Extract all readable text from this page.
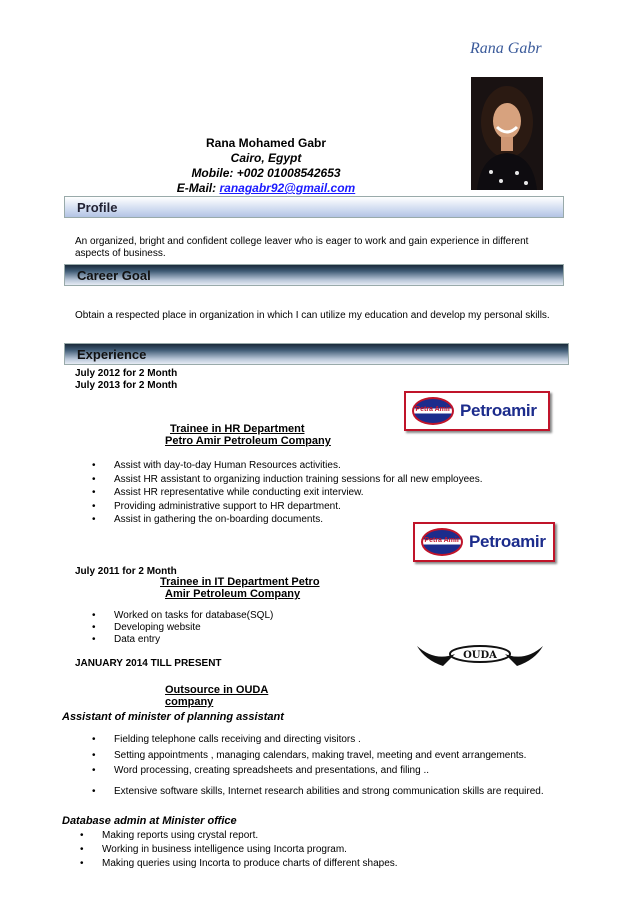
Rana Gabr
Rana Mohamed Gabr
Cairo, Egypt
Mobile: +002 01008542653
E-Mail: ranagabr92@gmail.com
Profile
An organized, bright and confident college leaver who is eager to work and gain experience in different aspects of business.
Career Goal
Obtain a respected place in organization in which I can utilize my education and develop my personal skills.
Experience
July 2012 for 2 Month
July 2013 for 2 Month
Petra Amir Petroamir
Trainee in HR Department
Petro Amir Petroleum Company
• Assist with day-to-day Human Resources activities.
• Assist HR assistant to organizing induction training sessions for all new employees.
• Assist HR representative while conducting exit interview.
• Providing administrative support to HR department.
• Assist in gathering the on-boarding documents.
Petra Amir Petroamir
July 2011 for 2 Month
Trainee in IT Department Petro
Amir Petroleum Company
• Worked on tasks for database(SQL)
• Developing website
• Data entry
OUDA
JANUARY 2014 TILL PRESENT
Outsource in OUDA
company
Assistant of minister of planning assistant
• Fielding telephone calls receiving and directing visitors .
• Setting appointments , managing calendars, making travel, meeting and event arrangements.
• Word processing, creating spreadsheets and presentations, and filing ..
• Extensive software skills, Internet research abilities and strong communication skills are required.
Database admin at Minister office
• Making reports using crystal report.
• Working in business intelligence using Incorta program.
• Making queries using Incorta to produce charts of different shapes.
